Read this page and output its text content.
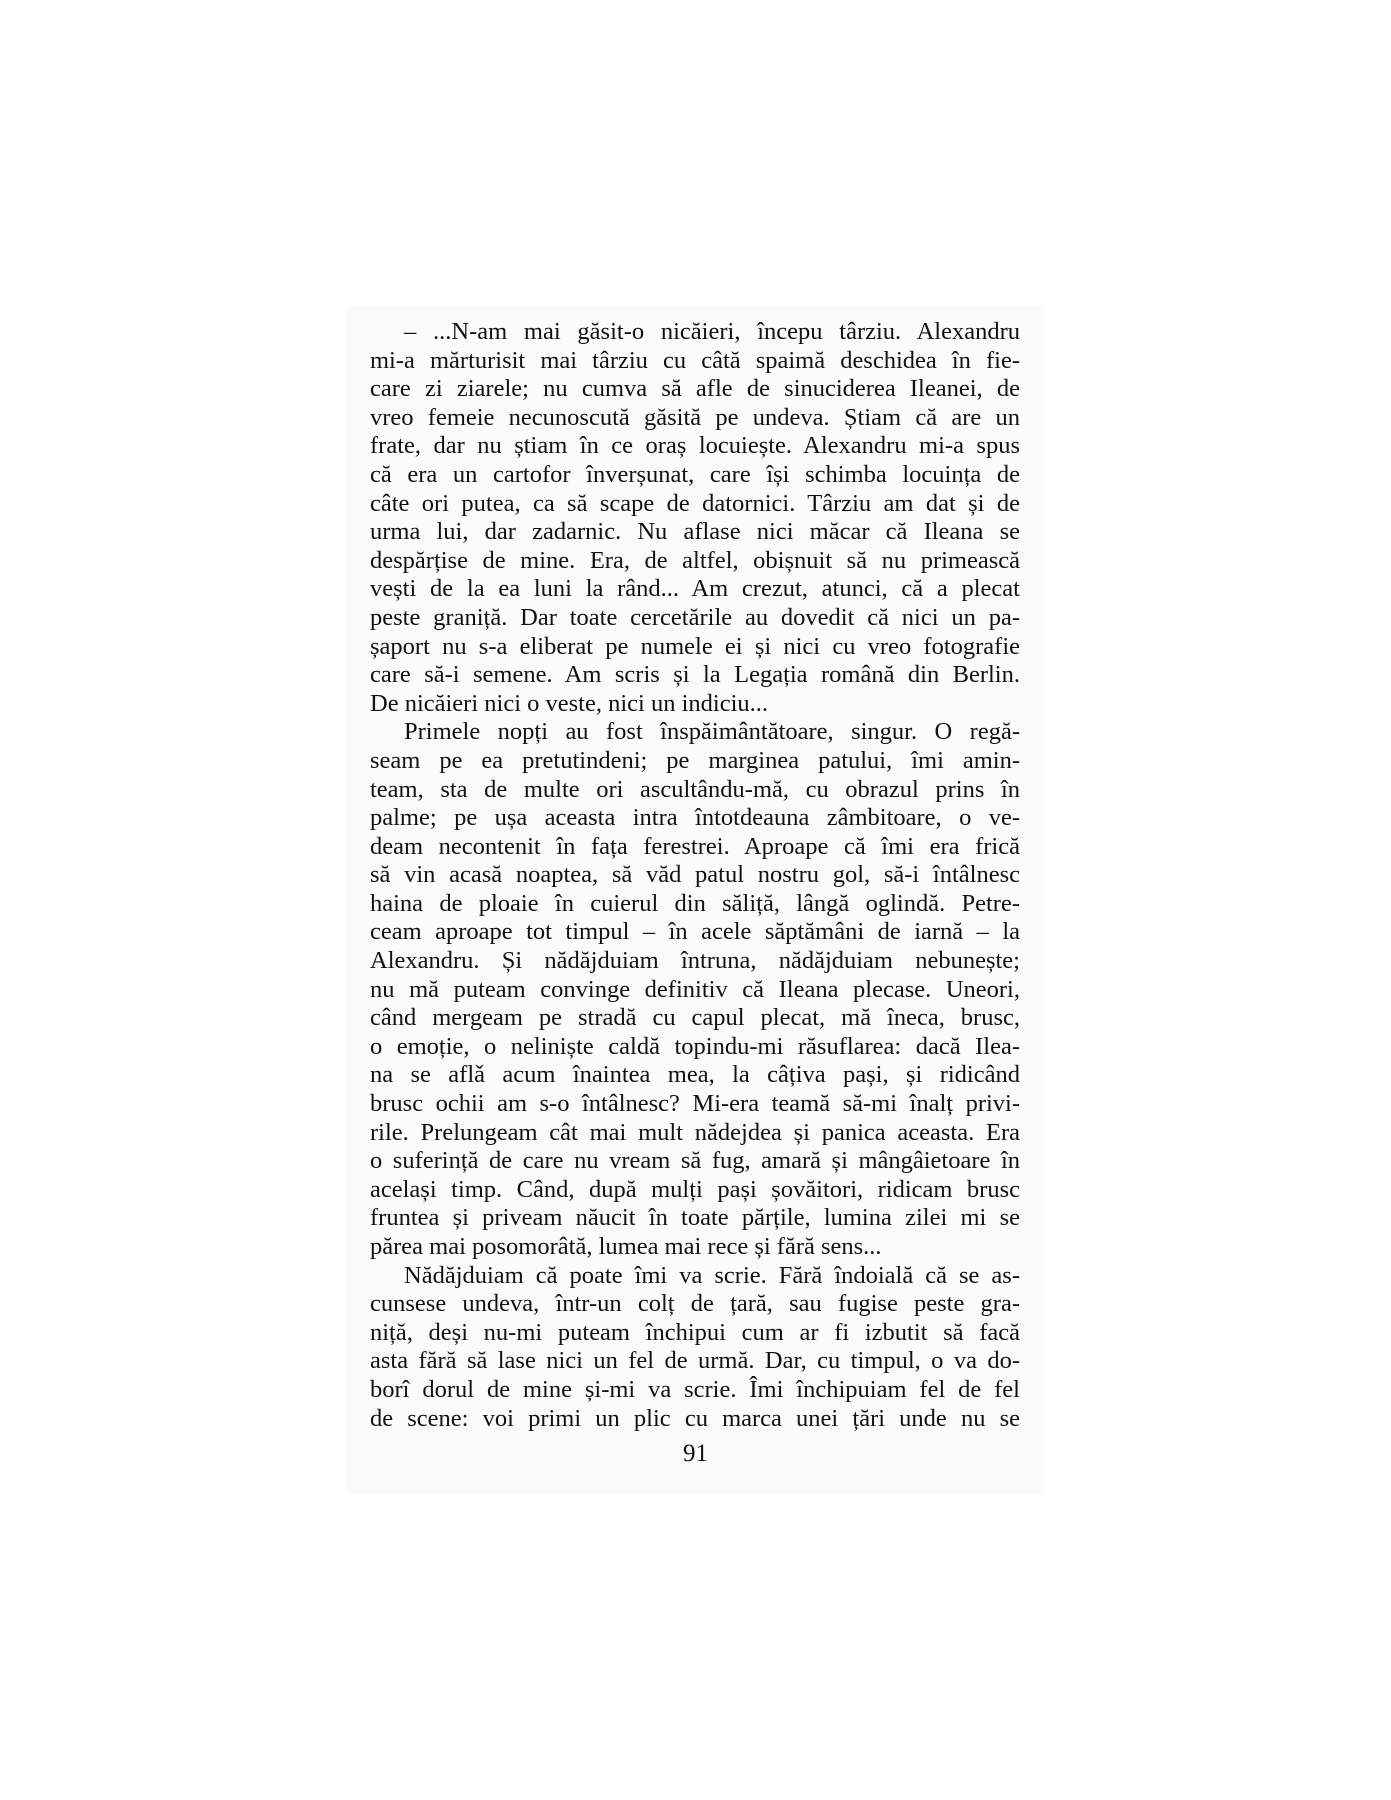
– ...N-am mai găsit-o nicăieri, începu târziu. Alexandru
mi-a mărturisit mai târziu cu câtă spaimă deschidea în fie-
care zi ziarele; nu cumva să afle de sinuciderea Ileanei, de
vreo femeie necunoscută găsită pe undeva. Știam că are un
frate, dar nu știam în ce oraș locuiește. Alexandru mi-a spus
că era un cartofor înverșunat, care își schimba locuința de
câte ori putea, ca să scape de datornici. Târziu am dat și de
urma lui, dar zadarnic. Nu aflase nici măcar că Ileana se
despărțise de mine. Era, de altfel, obișnuit să nu primească
vești de la ea luni la rând... Am crezut, atunci, că a plecat
peste graniță. Dar toate cercetările au dovedit că nici un pa-
șaport nu s-a eliberat pe numele ei și nici cu vreo fotografie
care să-i semene. Am scris și la Legația română din Berlin.
De nicăieri nici o veste, nici un indiciu...
Primele nopți au fost înspăimântătoare, singur. O regă-
seam pe ea pretutindeni; pe marginea patului, îmi amin-
team, sta de multe ori ascultându-mă, cu obrazul prins în
palme; pe ușa aceasta intra întotdeauna zâmbitoare, o ve-
deam necontenit în fața ferestrei. Aproape că îmi era frică
să vin acasă noaptea, să văd patul nostru gol, să-i întâlnesc
haina de ploaie în cuierul din săliță, lângă oglindă. Petre-
ceam aproape tot timpul – în acele săptămâni de iarnă – la
Alexandru. Și nădăjduiam întruna, nădăjduiam nebunește;
nu mă puteam convinge definitiv că Ileana plecase. Uneori,
când mergeam pe stradă cu capul plecat, mă îneca, brusc,
o emoție, o neliniște caldă topindu-mi răsuflarea: dacă Ilea-
na se aflǎ acum înaintea mea, la câțiva pași, și ridicând
brusc ochii am s-o întâlnesc? Mi-era teamă să-mi înalț privi-
rile. Prelungeam cât mai mult nădejdea și panica aceasta. Era
o suferință de care nu vream să fug, amară și mângâietoare în
același timp. Când, după mulți pași șovăitori, ridicam brusc
fruntea și priveam năucit în toate părțile, lumina zilei mi se
părea mai posomorâtă, lumea mai rece și fără sens...
Nădăjduiam că poate îmi va scrie. Fără îndoială că se as-
cunsese undeva, într-un colț de țară, sau fugise peste gra-
niță, deși nu-mi puteam închipui cum ar fi izbutit să facă
asta fără să lase nici un fel de urmă. Dar, cu timpul, o va do-
borî dorul de mine și-mi va scrie. Îmi închipuiam fel de fel
de scene: voi primi un plic cu marca unei țări unde nu se
91
